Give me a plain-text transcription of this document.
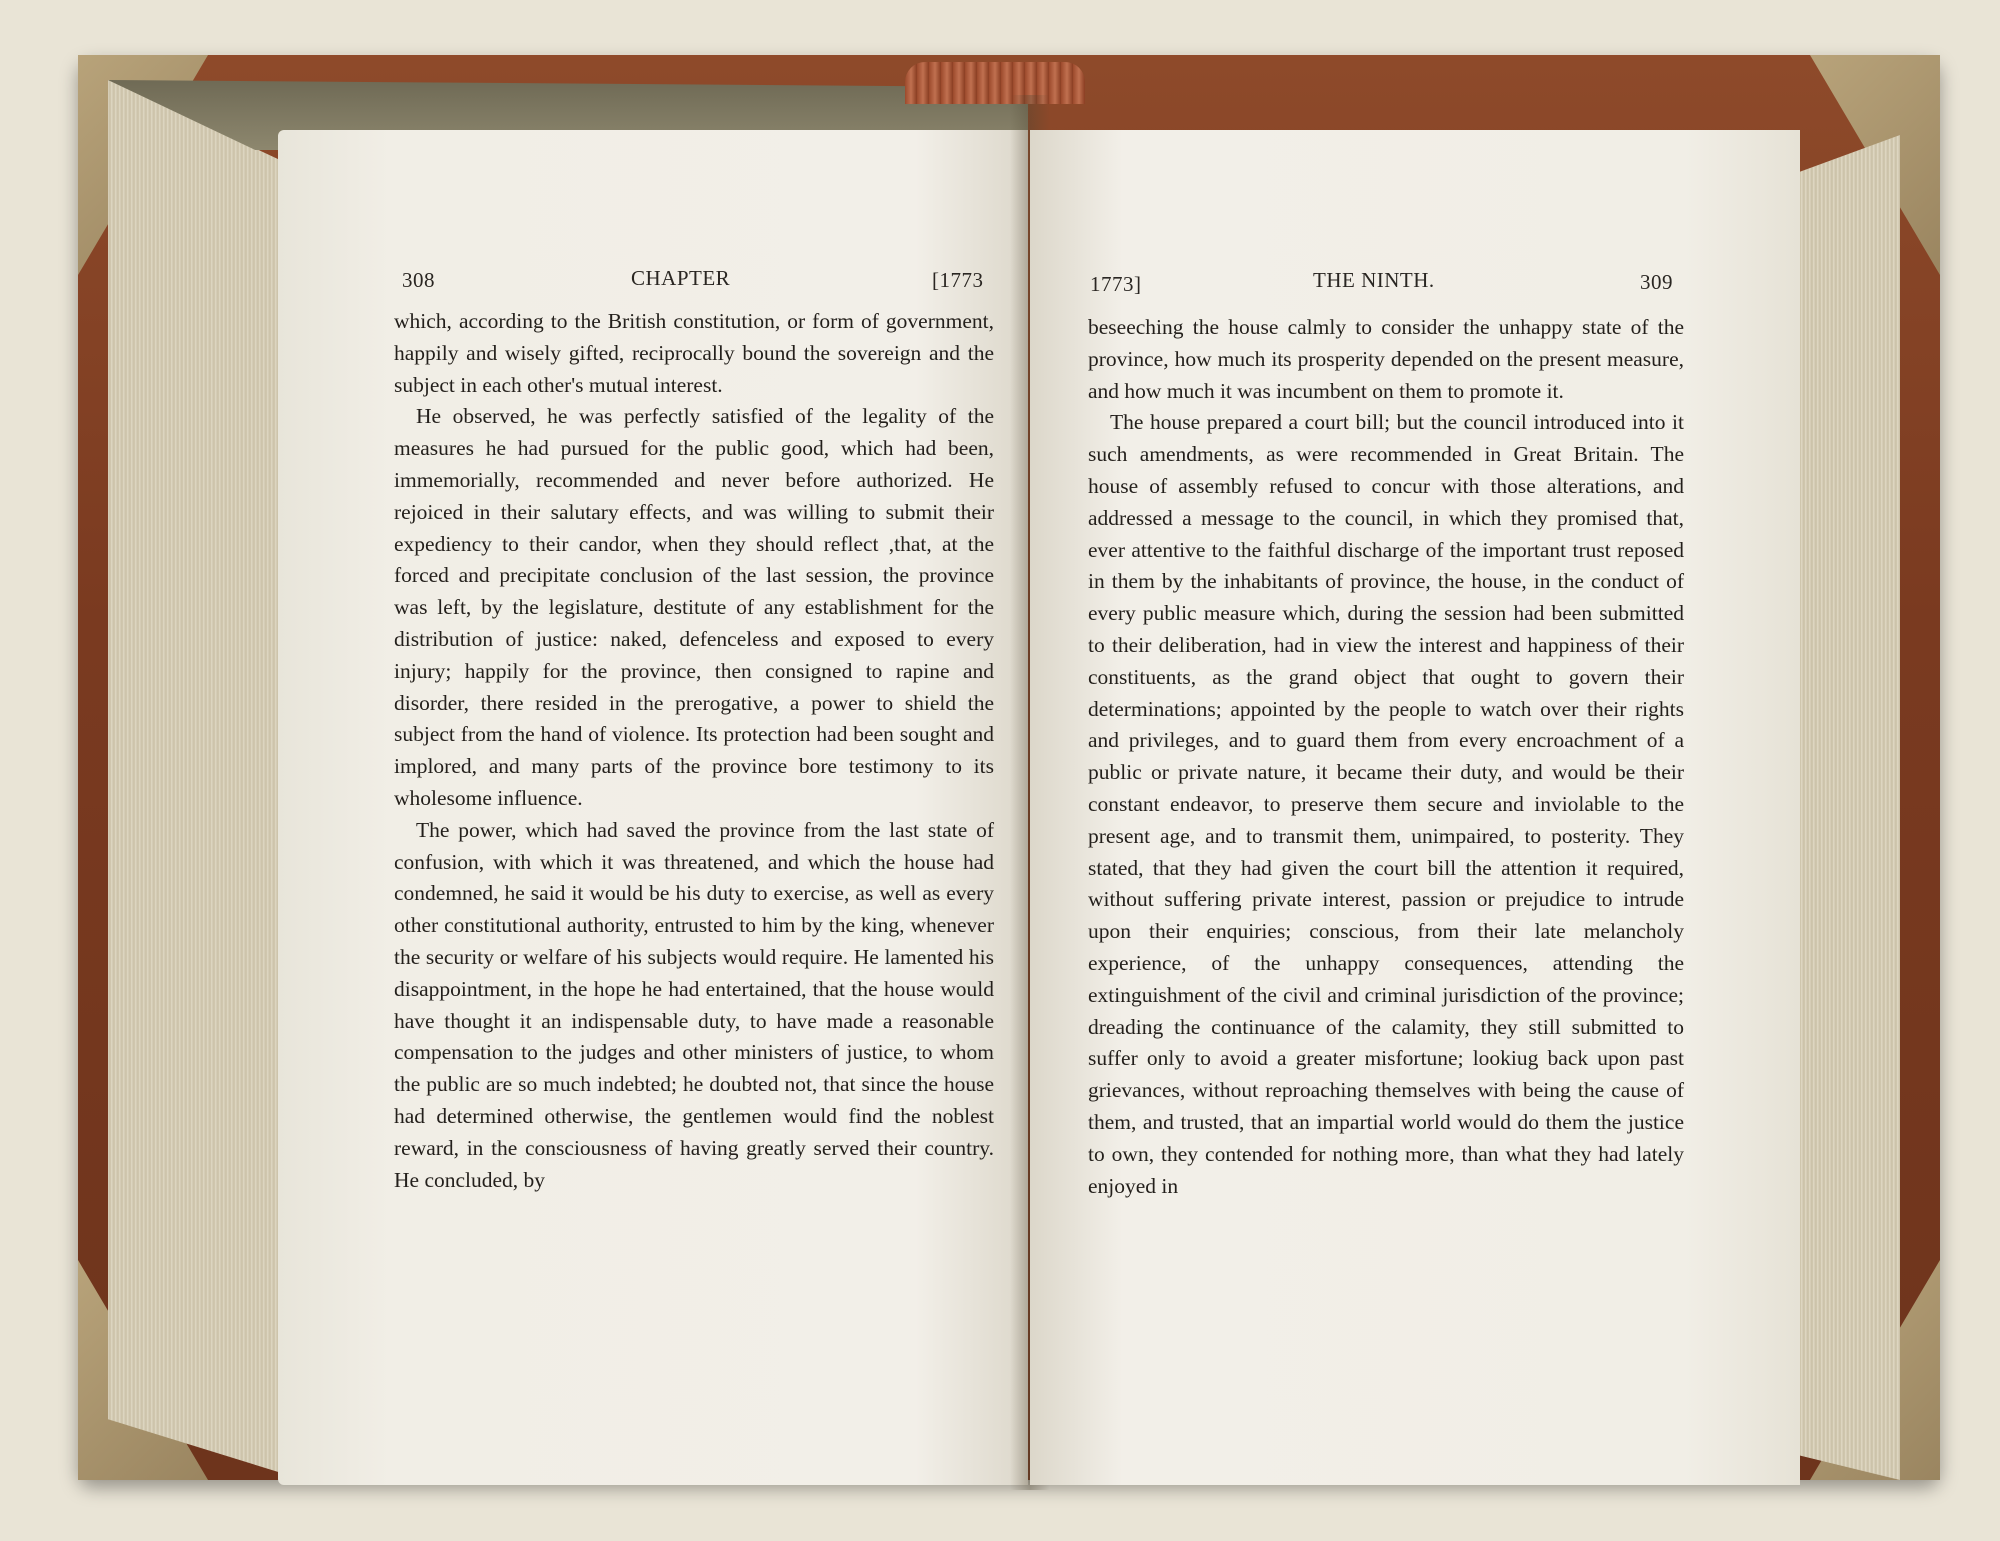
308	CHAPTER	[1773

which, according to the British constitution, or form of government, happily and wisely gifted, reciprocally bound the sovereign and the subject in each other's mutual interest.

He observed, he was perfectly satisfied of the legality of the measures he had pursued for the public good, which had been, immemorially, recommended and never before authorized. He rejoiced in their salutary effects, and was willing to submit their expediency to their candor, when they should reflect ,that, at the forced and precipitate conclusion of the last session, the province was left, by the legislature, destitute of any establishment for the distribution of justice: naked, defenceless and exposed to every injury; happily for the province, then consigned to rapine and disorder, there resided in the prerogative, a power to shield the subject from the hand of violence. Its protection had been sought and implored, and many parts of the province bore testimony to its wholesome influence.

The power, which had saved the province from the last state of confusion, with which it was threatened, and which the house had condemned, he said it would be his duty to exercise, as well as every other constitutional authority, entrusted to him by the king, whenever the security or welfare of his subjects would require. He lamented his disappointment, in the hope he had entertained, that the house would have thought it an indispensable duty, to have made a reasonable compensation to the judges and other ministers of justice, to whom the public are so much indebted; he doubted not, that since the house had determined otherwise, the gentlemen would find the noblest reward, in the consciousness of having greatly served their country. He concluded, by

1773]	THE NINTH.	309

beseeching the house calmly to consider the unhappy state of the province, how much its prosperity depended on the present measure, and how much it was incumbent on them to promote it.

The house prepared a court bill; but the council introduced into it such amendments, as were recommended in Great Britain. The house of assembly refused to concur with those alterations, and addressed a message to the council, in which they promised that, ever attentive to the faithful discharge of the important trust reposed in them by the inhabitants of province, the house, in the conduct of every public measure which, during the session had been submitted to their deliberation, had in view the interest and happiness of their constituents, as the grand object that ought to govern their determinations; appointed by the people to watch over their rights and privileges, and to guard them from every encroachment of a public or private nature, it became their duty, and would be their constant endeavor, to preserve them secure and inviolable to the present age, and to transmit them, unimpaired, to posterity. They stated, that they had given the court bill the attention it required, without suffering private interest, passion or prejudice to intrude upon their enquiries; conscious, from their late melancholy experience, of the unhappy consequences, attending the extinguishment of the civil and criminal jurisdiction of the province; dreading the continuance of the calamity, they still submitted to suffer only to avoid a greater misfortune; lookiug back upon past grievances, without reproaching themselves with being the cause of them, and trusted, that an impartial world would do them the justice to own, they contended for nothing more, than what they had lately enjoyed in
